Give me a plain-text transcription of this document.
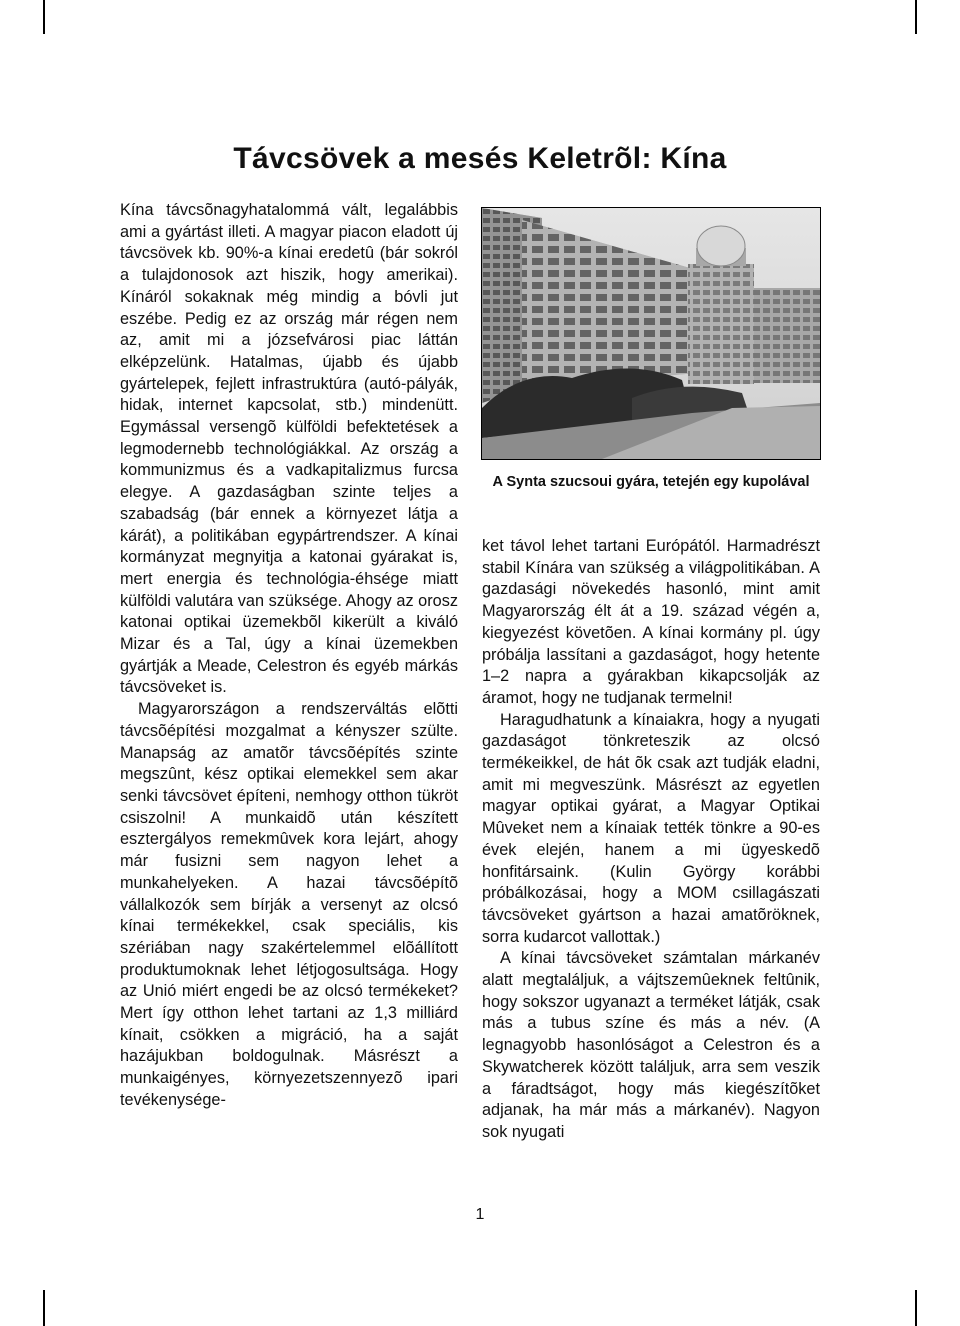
Távcsövek a mesés Keletrõl: Kína

Kína távcsõnagyhatalommá vált, legalábbis ami a gyártást illeti. A magyar piacon eladott új távcsövek kb. 90%-a kínai eredetû (bár sokról a tulajdonosok azt hiszik, hogy amerikai). Kínáról sokaknak még mindig a bóvli jut eszébe. Pedig ez az ország már régen nem az, amit mi a józsefvárosi piac láttán elképzelünk. Hatalmas, újabb és újabb gyártelepek, fejlett infrastruktúra (autó-pályák, hidak, internet kapcsolat, stb.) mindenütt. Egymással versengõ külföldi befektetések a legmodernebb technológiákkal. Az ország a kommunizmus és a vadkapitalizmus furcsa elegye. A gazdaságban szinte teljes a szabadság (bár ennek a környezet látja a kárát), a politikában egypártrendszer. A kínai kormányzat megnyitja a katonai gyárakat is, mert energia és technológia-éhsége miatt külföldi valutára van szüksége. Ahogy az orosz katonai optikai üzemekbõl kikerült a kiváló Mizar és a Tal, úgy a kínai üzemekben gyártják a Meade, Celestron és egyéb márkás távcsöveket is.

Magyarországon a rendszerváltás elõtti távcsõépítési mozgalmat a kényszer szülte. Manapság az amatõr távcsõépítés szinte megszûnt, kész optikai elemekkel sem akar senki távcsövet építeni, nemhogy otthon tükröt csiszolni! A munkaidõ után készített esztergályos remekmûvek kora lejárt, ahogy már fusizni sem nagyon lehet a munkahelyeken. A hazai távcsõépítõ vállalkozók sem bírják a versenyt az olcsó kínai termékekkel, csak speciális, kis szériában nagy szakértelemmel elõállított produktumoknak lehet létjogosultsága. Hogy az Unió miért engedi be az olcsó termékeket? Mert így otthon lehet tartani az 1,3 milliárd kínait, csökken a migráció, ha a saját hazájukban boldogulnak. Másrészt a munkaigényes, környezetszennyezõ ipari tevékenysége-

A Synta szucsoui gyára, tetején egy kupolával

ket távol lehet tartani Európától. Harmadrészt stabil Kínára van szükség a világpolitikában. A gazdasági növekedés hasonló, mint amit Magyarország élt át a 19. század végén a, kiegyezést követõen. A kínai kormány pl. úgy próbálja lassítani a gazdaságot, hogy hetente 1–2 napra a gyárakban kikapcsolják az áramot, hogy ne tudjanak termelni!

Haragudhatunk a kínaiakra, hogy a nyugati gazdaságot tönkreteszik az olcsó termékeikkel, de hát õk csak azt tudják eladni, amit mi megveszünk. Másrészt az egyetlen magyar optikai gyárat, a Magyar Optikai Mûveket nem a kínaiak tették tönkre a 90-es évek elején, hanem a mi ügyeskedõ honfitársaink. (Kulin György korábbi próbálkozásai, hogy a MOM csillagászati távcsöveket gyártson a hazai amatõröknek, sorra kudarcot vallottak.)

A kínai távcsöveket számtalan márkanév alatt megtaláljuk, a vájtszemûeknek feltûnik, hogy sokszor ugyanazt a terméket látják, csak más a tubus színe és más a név. (A legnagyobb hasonlóságot a Celestron és a Skywatcherek között találjuk, arra sem veszik a fáradtságot, hogy más kiegészítõket adjanak, ha már más a márkanév). Nagyon sok nyugati

1
